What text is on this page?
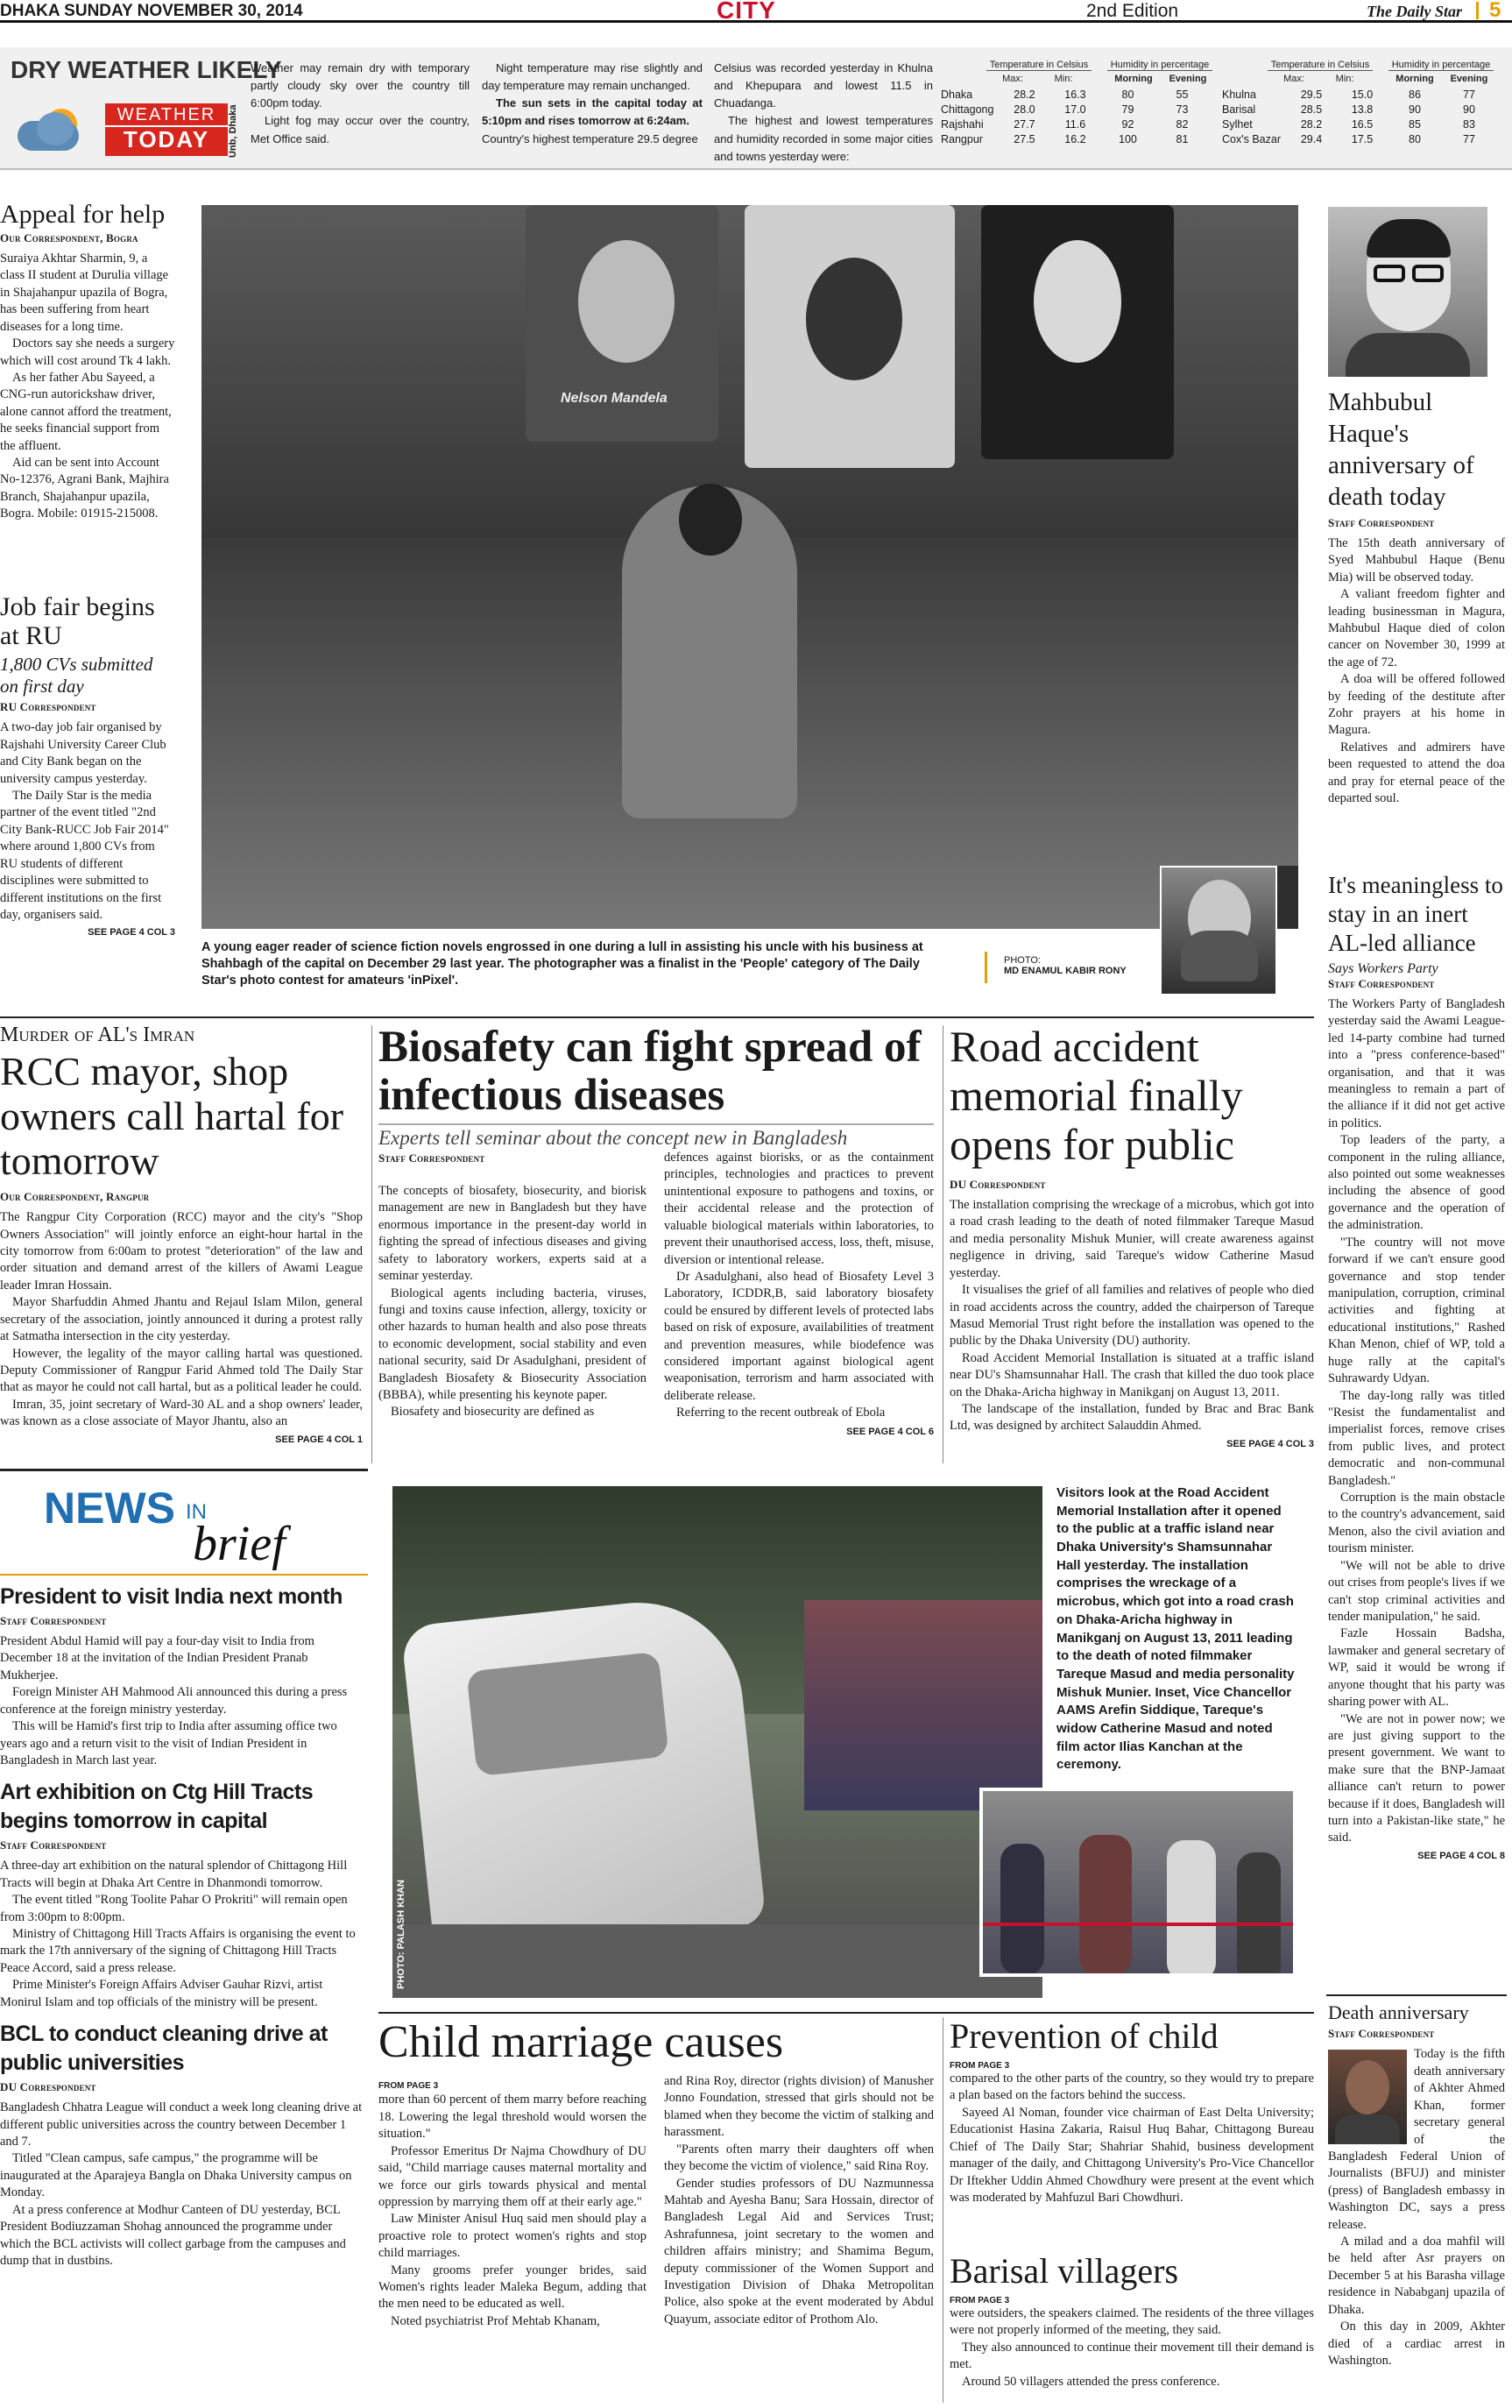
DHAKA SUNDAY NOVEMBER 30, 2014	CITY	2nd Edition	The Daily Star 5
DRY WEATHER LIKELY
WEATHER
TODAY	Unb, Dhaka
Weather may remain dry with temporary partly cloudy sky over the country till 6:00pm today.
Light fog may occur over the country, Met Office said.
Night temperature may rise slightly and day temperature may remain unchanged.
The sun sets in the capital today at 5:10pm and rises tomorrow at 6:24am.
Country's highest temperature 29.5 degree
Celsius was recorded yesterday in Khulna and Khepupara and lowest 11.5 in Chuadanga.
The highest and lowest temperatures and humidity recorded in some major cities and towns yesterday were:
Temperature in Celsius	Humidity in percentage
Max:	Min:	Morning	Evening
Dhaka	28.2	16.3	80	55
Chittagong	28.0	17.0	79	73
Rajshahi	27.7	11.6	92	82
Rangpur	27.5	16.2	100	81
Temperature in Celsius	Humidity in percentage
Max:	Min:	Morning	Evening
Khulna	29.5	15.0	86	77
Barisal	28.5	13.8	90	90
Sylhet	28.2	16.5	85	83
Cox's Bazar	29.4	17.5	80	77
Appeal for help
Our Correspondent, Bogra

Suraiya Akhtar Sharmin, 9, a class II student at Durulia village in Shajahanpur upazila of Bogra, has been suffering from heart diseases for a long time.

Doctors say she needs a surgery which will cost around Tk 4 lakh.

As her father Abu Sayeed, a CNG-run autorickshaw driver, alone cannot afford the treatment, he seeks financial support from the affluent.

Aid can be sent into Account No-12376, Agrani Bank, Majhira Branch, Shajahanpur upazila, Bogra. Mobile: 01915-215008.

Job fair begins at RU
1,800 CVs submitted on first day
RU Correspondent

A two-day job fair organised by Rajshahi University Career Club and City Bank began on the university campus yesterday.

The Daily Star is the media partner of the event titled "2nd City Bank-RUCC Job Fair 2014" where around 1,800 CVs from RU students of different disciplines were submitted to different institutions on the first day, organisers said.

SEE PAGE 4 COL 3
Nelson Mandela
A young eager reader of science fiction novels engrossed in one during a lull in assisting his uncle with his business at Shahbagh of the capital on December 29 last year. The photographer was a finalist in the 'People' category of The Daily Star's photo contest for amateurs 'inPixel'.
PHOTO:
MD ENAMUL KABIR RONY
Mahbubul Haque's anniversary of death today
Staff Correspondent

The 15th death anniversary of Syed Mahbubul Haque (Benu Mia) will be observed today.

A valiant freedom fighter and leading businessman in Magura, Mahbubul Haque died of colon cancer on November 30, 1999 at the age of 72.

A doa will be offered followed by feeding of the destitute after Zohr prayers at his home in Magura.

Relatives and admirers have been requested to attend the doa and pray for eternal peace of the departed soul.

It's meaningless to stay in an inert AL-led alliance
Says Workers Party
Staff Correspondent

The Workers Party of Bangladesh yesterday said the Awami League-led 14-party combine had turned into a "press conference-based" organisation, and that it was meaningless to remain a part of the alliance if it did not get active in politics.

Top leaders of the party, a component in the ruling alliance, also pointed out some weaknesses including the absence of good governance and the operation of the administration.

"The country will not move forward if we can't ensure good governance and stop tender manipulation, corruption, criminal activities and fighting at educational institutions," Rashed Khan Menon, chief of WP, told a huge rally at the capital's Suhrawardy Udyan.

The day-long rally was titled "Resist the fundamentalist and imperialist forces, remove crises from public lives, and protect democratic and non-communal Bangladesh."

Corruption is the main obstacle to the country's advancement, said Menon, also the civil aviation and tourism minister.

"We will not be able to drive out crises from people's lives if we can't stop criminal activities and tender manipulation," he said.

Fazle Hossain Badsha, lawmaker and general secretary of WP, said it would be wrong if anyone thought that his party was sharing power with AL.

"We are not in power now; we are just giving support to the present government. We want to make sure that the BNP-Jamaat alliance can't return to power because if it does, Bangladesh will turn into a Pakistan-like state," he said.

SEE PAGE 4 COL 8
Death anniversary
Staff Correspondent

Today is the fifth death anniversary of Akhter Ahmed Khan, former secretary general of the Bangladesh Federal Union of Journalists (BFUJ) and minister (press) of Bangladesh embassy in Washington DC, says a press release.

A milad and a doa mahfil will be held after Asr prayers on December 5 at his Barasha village residence in Nababganj upazila of Dhaka.

On this day in 2009, Akhter died of a cardiac arrest in Washington.

Murder of AL's Imran
RCC mayor, shop owners call hartal for tomorrow
Our Correspondent, Rangpur

The Rangpur City Corporation (RCC) mayor and the city's "Shop Owners Association" will jointly enforce an eight-hour hartal in the city tomorrow from 6:00am to protest "deterioration" of the law and order situation and demand arrest of the killers of Awami League leader Imran Hossain.

Mayor Sharfuddin Ahmed Jhantu and Rejaul Islam Milon, general secretary of the association, jointly announced it during a protest rally at Satmatha intersection in the city yesterday.

However, the legality of the mayor calling hartal was questioned. Deputy Commissioner of Rangpur Farid Ahmed told The Daily Star that as mayor he could not call hartal, but as a political leader he could.

Imran, 35, joint secretary of Ward-30 AL and a shop owners' leader, was known as a close associate of Mayor Jhantu, also an

SEE PAGE 4 COL 1
Biosafety can fight spread of infectious diseases
Experts tell seminar about the concept new in Bangladesh
Staff Correspondent

The concepts of biosafety, biosecurity, and biorisk management are new in Bangladesh but they have enormous importance in the present-day world in fighting the spread of infectious diseases and giving safety to laboratory workers, experts said at a seminar yesterday.

Biological agents including bacteria, viruses, fungi and toxins cause infection, allergy, toxicity or other hazards to human health and also pose threats to economic development, social stability and even national security, said Dr Asadulghani, president of Bangladesh Biosafety & Biosecurity Association (BBBA), while presenting his keynote paper.

Biosafety and biosecurity are defined as

defences against biorisks, or as the containment principles, technologies and practices to prevent unintentional exposure to pathogens and toxins, or their accidental release and the protection of valuable biological materials within laboratories, to prevent their unauthorised access, loss, theft, misuse, diversion or intentional release.

Dr Asadulghani, also head of Biosafety Level 3 Laboratory, ICDDR,B, said laboratory biosafety could be ensured by different levels of protected labs based on risk of exposure, availabilities of treatment and prevention measures, while biodefence was considered important against biological agent weaponisation, terrorism and harm associated with deliberate release.

Referring to the recent outbreak of Ebola

SEE PAGE 4 COL 6
Road accident memorial finally opens for public
DU Correspondent

The installation comprising the wreckage of a microbus, which got into a road crash leading to the death of noted filmmaker Tareque Masud and media personality Mishuk Munier, will create awareness against negligence in driving, said Tareque's widow Catherine Masud yesterday.

It visualises the grief of all families and relatives of people who died in road accidents across the country, added the chairperson of Tareque Masud Memorial Trust right before the installation was opened to the public by the Dhaka University (DU) authority.

Road Accident Memorial Installation is situated at a traffic island near DU's Shamsunnahar Hall. The crash that killed the duo took place on the Dhaka-Aricha highway in Manikganj on August 13, 2011.

The landscape of the installation, funded by Brac and Brac Bank Ltd, was designed by architect Salauddin Ahmed.

SEE PAGE 4 COL 3
NEWS IN
brief
President to visit India next month
Staff Correspondent

President Abdul Hamid will pay a four-day visit to India from December 18 at the invitation of the Indian President Pranab Mukherjee.

Foreign Minister AH Mahmood Ali announced this during a press conference at the foreign ministry yesterday.

This will be Hamid's first trip to India after assuming office two years ago and a return visit to the visit of Indian President in Bangladesh in March last year.

Art exhibition on Ctg Hill Tracts begins tomorrow in capital
Staff Correspondent

A three-day art exhibition on the natural splendor of Chittagong Hill Tracts will begin at Dhaka Art Centre in Dhanmondi tomorrow.

The event titled "Rong Toolite Pahar O Prokriti" will remain open from 3:00pm to 8:00pm.

Ministry of Chittagong Hill Tracts Affairs is organising the event to mark the 17th anniversary of the signing of Chittagong Hill Tracts Peace Accord, said a press release.

Prime Minister's Foreign Affairs Adviser Gauhar Rizvi, artist Monirul Islam and top officials of the ministry will be present.

BCL to conduct cleaning drive at public universities
DU Correspondent

Bangladesh Chhatra League will conduct a week long cleaning drive at different public universities across the country between December 1 and 7.

Titled "Clean campus, safe campus," the programme will be inaugurated at the Aparajeya Bangla on Dhaka University campus on Monday.

At a press conference at Modhur Canteen of DU yesterday, BCL President Bodiuzzaman Shohag announced the programme under which the BCL activists will collect garbage from the campuses and dump that in dustbins.

PHOTO: PALASH KHAN
Visitors look at the Road Accident Memorial Installation after it opened to the public at a traffic island near Dhaka University's Shamsunnahar Hall yesterday. The installation comprises the wreckage of a microbus, which got into a road crash on Dhaka-Aricha highway in Manikganj on August 13, 2011 leading to the death of noted filmmaker Tareque Masud and media personality Mishuk Munier. Inset, Vice Chancellor AAMS Arefin Siddique, Tareque's widow Catherine Masud and noted film actor Ilias Kanchan at the ceremony.
Child marriage causes
FROM PAGE 3

more than 60 percent of them marry before reaching 18. Lowering the legal threshold would worsen the situation."

Professor Emeritus Dr Najma Chowdhury of DU said, "Child marriage causes maternal mortality and we force our girls towards physical and mental oppression by marrying them off at their early age."

Law Minister Anisul Huq said men should play a proactive role to protect women's rights and stop child marriages.

Many grooms prefer younger brides, said Women's rights leader Maleka Begum, adding that the men need to be educated as well.

Noted psychiatrist Prof Mehtab Khanam,

and Rina Roy, director (rights division) of Manusher Jonno Foundation, stressed that girls should not be blamed when they become the victim of stalking and harassment.

"Parents often marry their daughters off when they become the victim of violence," said Rina Roy.

Gender studies professors of DU Nazmunnessa Mahtab and Ayesha Banu; Sara Hossain, director of Bangladesh Legal Aid and Services Trust; Ashrafunnesa, joint secretary to the women and children affairs ministry; and Shamima Begum, deputy commissioner of the Women Support and Investigation Division of Dhaka Metropolitan Police, also spoke at the event moderated by Abdul Quayum, associate editor of Prothom Alo.

Prevention of child
FROM PAGE 3

compared to the other parts of the country, so they would try to prepare a plan based on the factors behind the success.

Sayeed Al Noman, founder vice chairman of East Delta University; Educationist Hasina Zakaria, Raisul Huq Bahar, Chittagong Bureau Chief of The Daily Star; Shahriar Shahid, business development manager of the daily, and Chittagong University's Pro-Vice Chancellor Dr Iftekher Uddin Ahmed Chowdhury were present at the event which was moderated by Mahfuzul Bari Chowdhuri.

Barisal villagers
FROM PAGE 3

were outsiders, the speakers claimed. The residents of the three villages were not properly informed of the meeting, they said.

They also announced to continue their movement till their demand is met.

Around 50 villagers attended the press conference.
